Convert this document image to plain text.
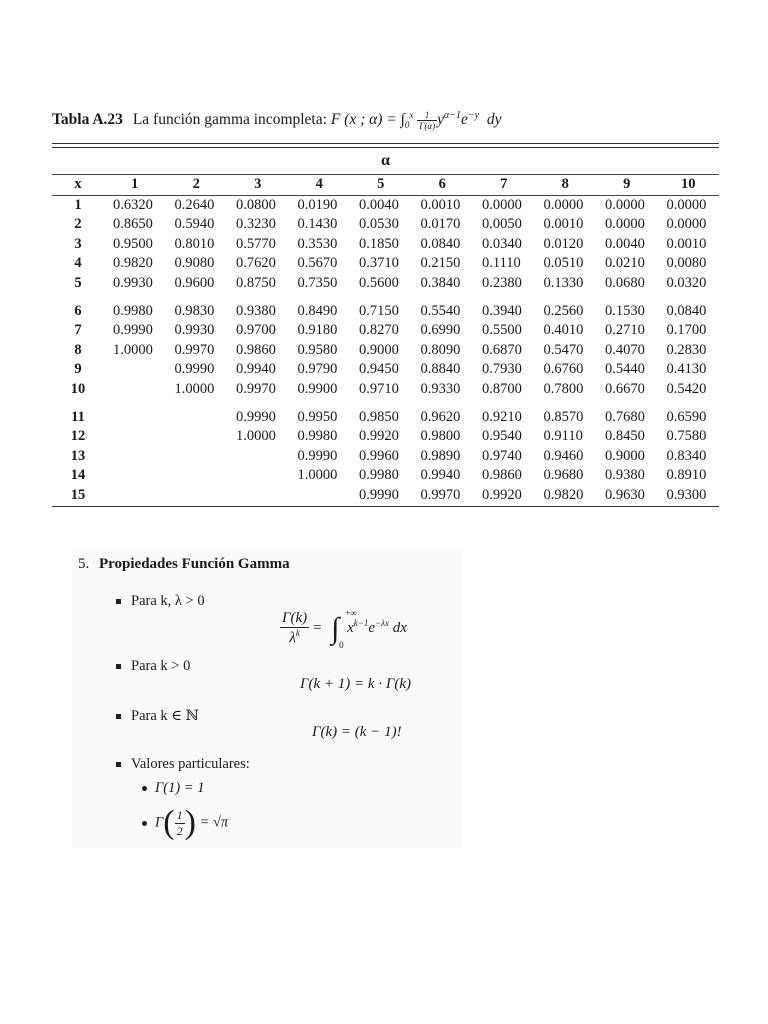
Tabla A.23 La función gamma incompleta: F (x ; $\alpha) = \int_0^x \frac{1}{\Gamma(\alpha)} y^{\alpha-1}e^{-y}$ dy
	α
x	1	2	3	4	5	6	7	8	9	10
1	0.6320	0.2640	0.0800	0.0190	0.0040	0.0010	0.0000	0.0000	0.0000	0.0000
2	0.8650	0.5940	0.3230	0.1430	0.0530	0.0170	0.0050	0.0010	0.0000	0.0000
3	0.9500	0.8010	0.5770	0.3530	0.1850	0.0840	0.0340	0.0120	0.0040	0.0010
4	0.9820	0.9080	0.7620	0.5670	0.3710	0.2150	0.1110	0.0510	0.0210	0.0080
5	0.9930	0.9600	0.8750	0.7350	0.5600	0.3840	0.2380	0.1330	0.0680	0.0320

6	0.9980	0.9830	0.9380	0.8490	0.7150	0.5540	0.3940	0.2560	0.1530	0.0840
7	0.9990	0.9930	0.9700	0.9180	0.8270	0.6990	0.5500	0.4010	0.2710	0.1700
8	1.0000	0.9970	0.9860	0.9580	0.9000	0.8090	0.6870	0.5470	0.4070	0.2830
9		0.9990	0.9940	0.9790	0.9450	0.8840	0.7930	0.6760	0.5440	0.4130
10		1.0000	0.9970	0.9900	0.9710	0.9330	0.8700	0.7800	0.6670	0.5420

11			0.9990	0.9950	0.9850	0.9620	0.9210	0.8570	0.7680	0.6590
12			1.0000	0.9980	0.9920	0.9800	0.9540	0.9110	0.8450	0.7580
13				0.9990	0.9960	0.9890	0.9740	0.9460	0.9000	0.8340
14				1.0000	0.9980	0.9940	0.9860	0.9680	0.9380	0.8910
15					0.9990	0.9970	0.9920	0.9820	0.9630	0.9300
5. Propiedades Función Gamma
Para k, λ > 0
$\frac{\Gamma(k)}{\lambda^k}$ = ∫ +∞
0
$x^{k-1}e^{-\lambda x}$ dx
Para k > 0
Γ(k + 1) = k · Γ(k)
Para k ∈ ℕ
Γ(k) = (k − 1)!
Valores particulares:
Γ(1) = 1
$\Gamma( \frac{1}{2}$ ) = √π
